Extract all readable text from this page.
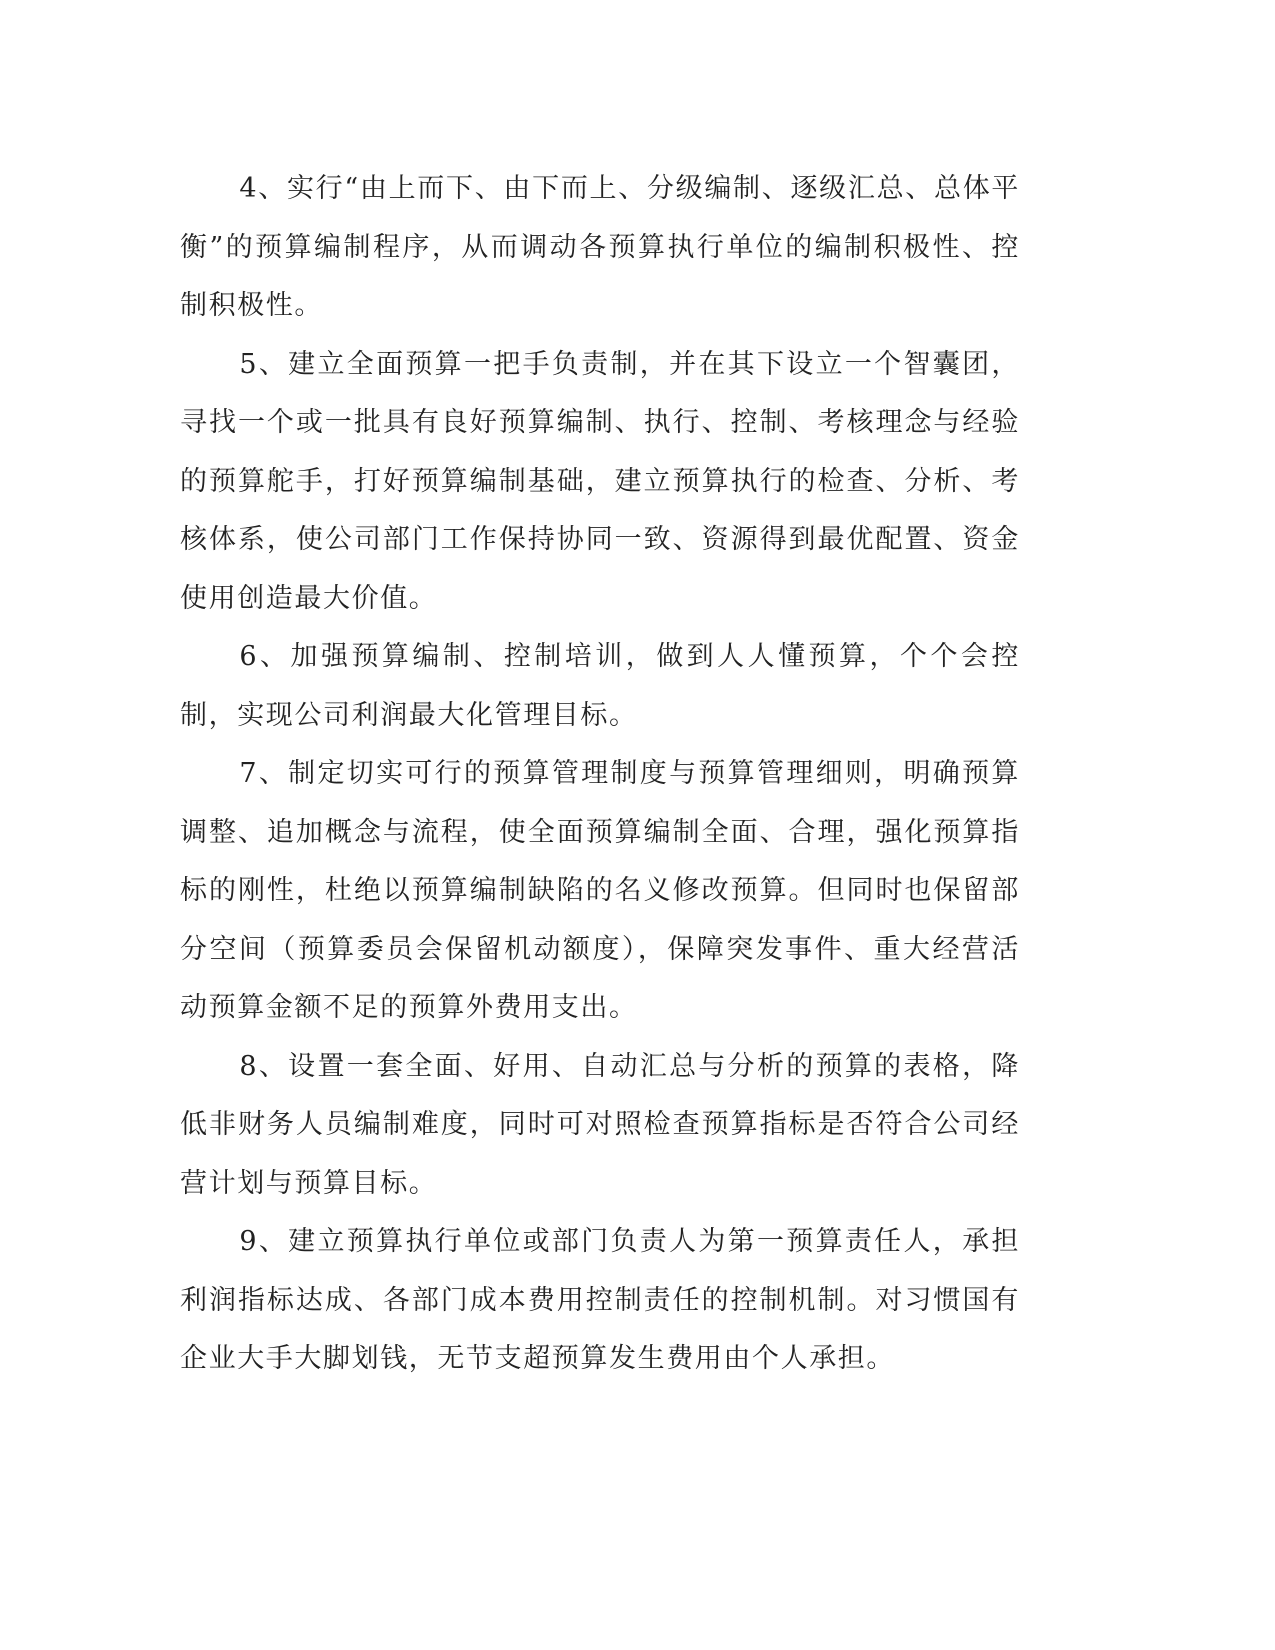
4、实行“由上而下、由下而上、分级编制、逐级汇总、总体平衡”的预算编制程序，从而调动各预算执行单位的编制积极性、控制积极性。

5、建立全面预算一把手负责制，并在其下设立一个智囊团，寻找一个或一批具有良好预算编制、执行、控制、考核理念与经验的预算舵手，打好预算编制基础，建立预算执行的检查、分析、考核体系，使公司部门工作保持协同一致、资源得到最优配置、资金使用创造最大价值。

6、加强预算编制、控制培训，做到人人懂预算，个个会控制，实现公司利润最大化管理目标。

7、制定切实可行的预算管理制度与预算管理细则，明确预算调整、追加概念与流程，使全面预算编制全面、合理，强化预算指标的刚性，杜绝以预算编制缺陷的名义修改预算。但同时也保留部分空间（预算委员会保留机动额度），保障突发事件、重大经营活动预算金额不足的预算外费用支出。

8、设置一套全面、好用、自动汇总与分析的预算的表格，降低非财务人员编制难度，同时可对照检查预算指标是否符合公司经营计划与预算目标。

9、建立预算执行单位或部门负责人为第一预算责任人，承担利润指标达成、各部门成本费用控制责任的控制机制。对习惯国有企业大手大脚划钱，无节支超预算发生费用由个人承担。
